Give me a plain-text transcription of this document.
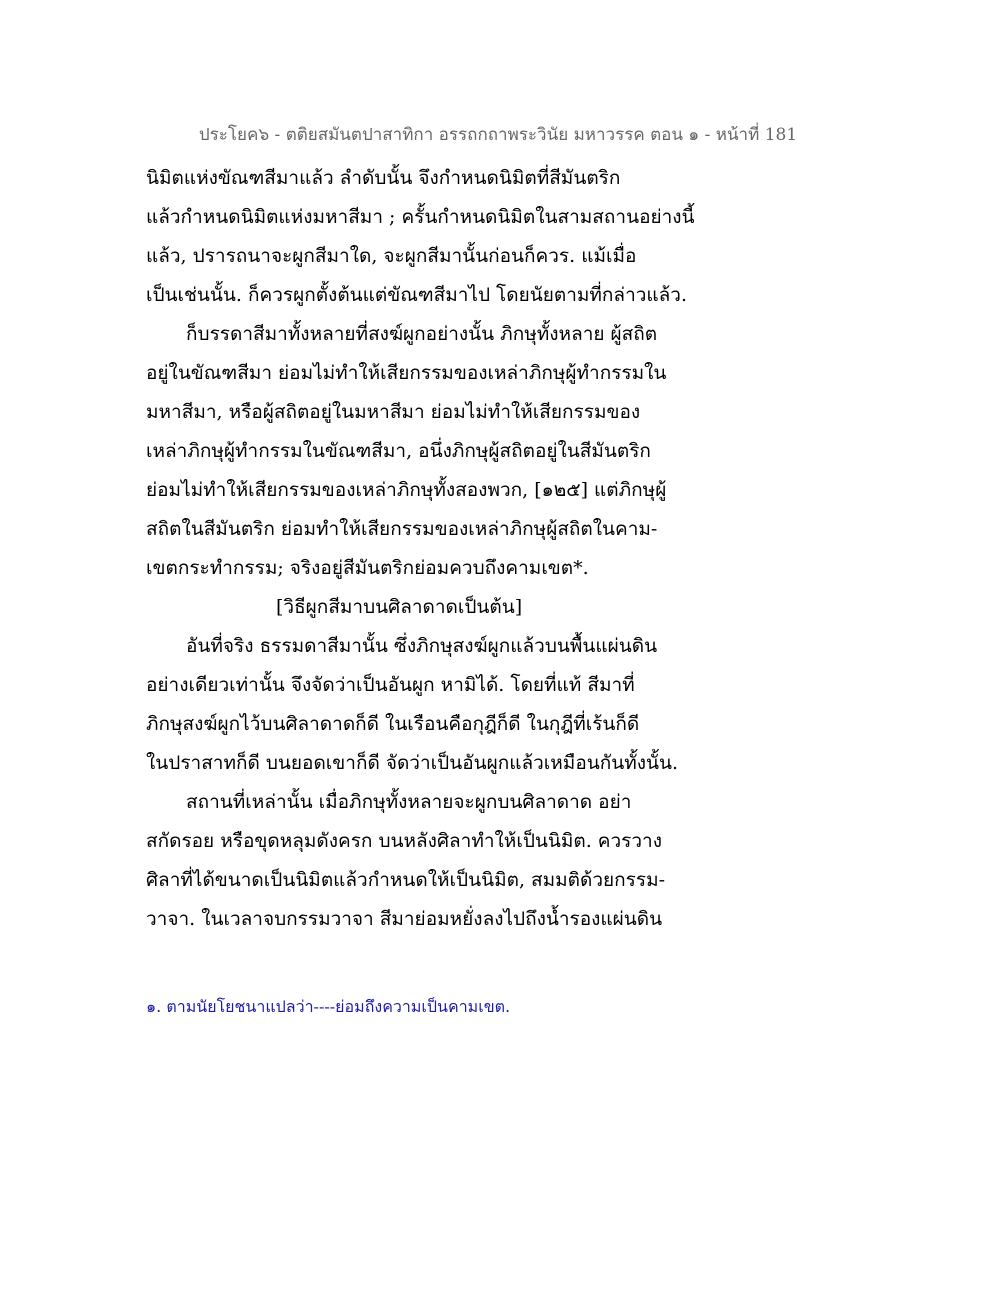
ประโยค๖ - ตติยสมันตปาสาทิกา อรรถกถาพระวินัย มหาวรรค ตอน ๑ - หน้าที่ 181
นิมิตแห่งขัณฑสีมาแล้ว ลำดับนั้น จึงกำหนดนิมิตที่สีมันตริก
แล้วกำหนดนิมิตแห่งมหาสีมา ; ครั้นกำหนดนิมิตในสามสถานอย่างนี้
แล้ว, ปรารถนาจะผูกสีมาใด, จะผูกสีมานั้นก่อนก็ควร. แม้เมื่อ
เป็นเช่นนั้น. ก็ควรผูกตั้งต้นแต่ขัณฑสีมาไป โดยนัยตามที่กล่าวแล้ว.
ก็บรรดาสีมาทั้งหลายที่สงฆ์ผูกอย่างนั้น ภิกษุทั้งหลาย ผู้สถิต
อยู่ในขัณฑสีมา ย่อมไม่ทำให้เสียกรรมของเหล่าภิกษุผู้ทำกรรมใน
มหาสีมา, หรือผู้สถิตอยู่ในมหาสีมา ย่อมไม่ทำให้เสียกรรมของ
เหล่าภิกษุผู้ทำกรรมในขัณฑสีมา, อนึ่งภิกษุผู้สถิตอยู่ในสีมันตริก
ย่อมไม่ทำให้เสียกรรมของเหล่าภิกษุทั้งสองพวก, [๑๒๕] แต่ภิกษุผู้
สถิตในสีมันตริก ย่อมทำให้เสียกรรมของเหล่าภิกษุผู้สถิตในคาม-
เขตกระทำกรรม; จริงอยู่สีมันตริกย่อมควบถึงคามเขต*.
[วิธีผูกสีมาบนศิลาดาดเป็นต้น]
อันที่จริง ธรรมดาสีมานั้น ซึ่งภิกษุสงฆ์ผูกแล้วบนพื้นแผ่นดิน
อย่างเดียวเท่านั้น จึงจัดว่าเป็นอันผูก หามิได้. โดยที่แท้ สีมาที่
ภิกษุสงฆ์ผูกไว้บนศิลาดาดก็ดี ในเรือนคือกุฎีก็ดี ในกุฎีที่เร้นก็ดี
ในปราสาทก็ดี บนยอดเขาก็ดี จัดว่าเป็นอันผูกแล้วเหมือนกันทั้งนั้น.
สถานที่เหล่านั้น เมื่อภิกษุทั้งหลายจะผูกบนศิลาดาด อย่า
สกัดรอย หรือขุดหลุมดังครก บนหลังศิลาทำให้เป็นนิมิต. ควรวาง
ศิลาที่ได้ขนาดเป็นนิมิตแล้วกำหนดให้เป็นนิมิต, สมมติด้วยกรรม-
วาจา. ในเวลาจบกรรมวาจา สีมาย่อมหยั่งลงไปถึงน้ำรองแผ่นดิน
๑. ตามนัยโยชนาแปลว่า----ย่อมถึงความเป็นคามเขต.
